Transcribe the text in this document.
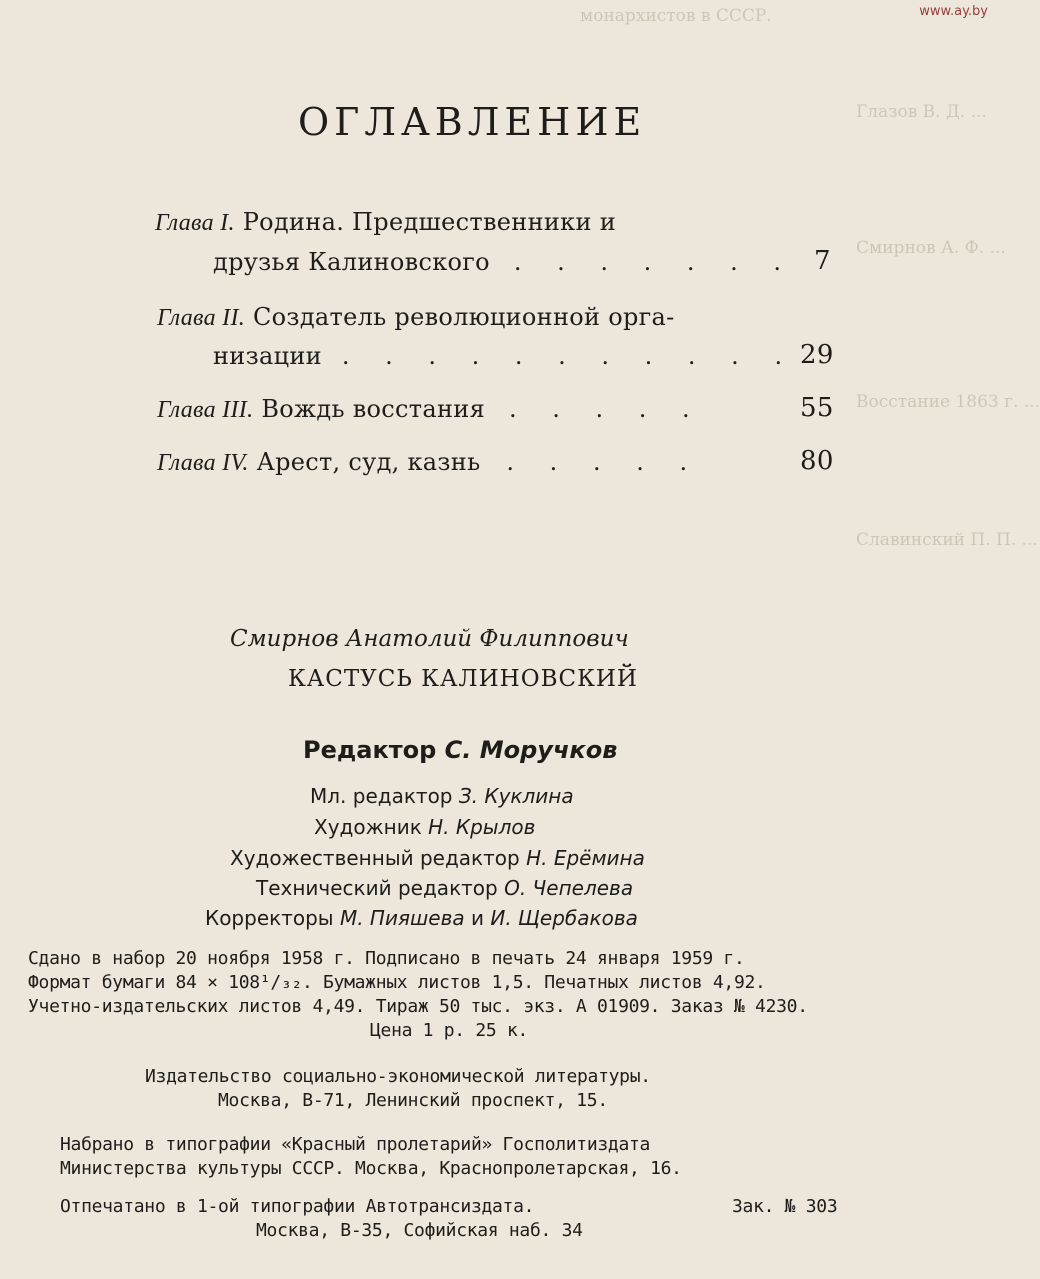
www.ay.by
монархистов в СССР.
Глазов В. Д. ...
Смирнов А. Ф. ...
Восстание 1863 г. ...
Славинский П. П. ...
ОГЛАВЛЕНИЕ
Глава I. Родина. Предшественники и
друзья Калиновского . . . . . . . 7
Глава II. Создатель революционной орга-
низации . . . . . . . . . . . 29
Глава III. Вождь восстания . . . . .	55
Глава IV. Арест, суд, казнь . . . . .	80
Смирнов Анатолий Филиппович
КАСТУСЬ КАЛИНОВСКИЙ
Редактор С. Моручков
Мл. редактор З. Куклина
Художник Н. Крылов
Художественный редактор Н. Ерёмина
Технический редактор О. Чепелева
Корректоры М. Пияшева и И. Щербакова
Сдано в набор 20 ноября 1958 г. Подписано в печать 24 января 1959 г.
Формат бумаги 84 × 108¹/₃₂. Бумажных листов 1,5. Печатных листов 4,92.
Учетно-издательских листов 4,49. Тираж 50 тыс. экз. А 01909. Заказ № 4230.
Цена 1 р. 25 к.
Издательство социально-экономической литературы.
Москва, В-71, Ленинский проспект, 15.
Набрано в типографии «Красный пролетарий» Госполитиздата
Министерства культуры СССР. Москва, Краснопролетарская, 16.
Отпечатано в 1-ой типографии Автотрансиздата.	Зак. № 303
Москва, В-35, Софийская наб. 34
